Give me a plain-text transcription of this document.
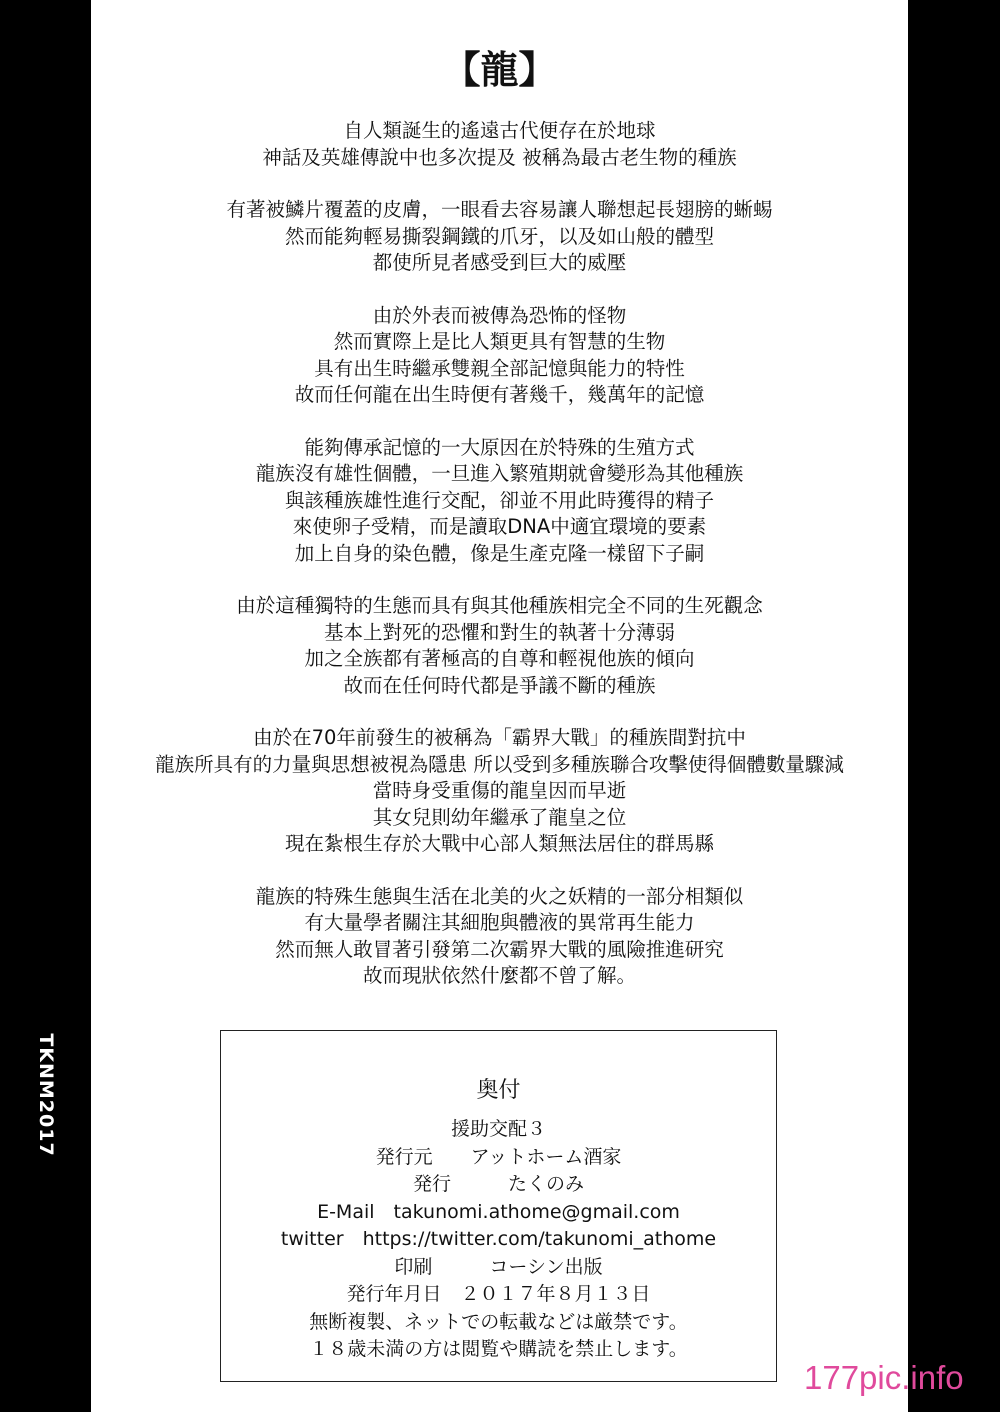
TKNM2017
【龍】
自人類誕生的遙遠古代便存在於地球
神話及英雄傳說中也多次提及 被稱為最古老生物的種族
有著被鱗片覆蓋的皮膚，一眼看去容易讓人聯想起長翅膀的蜥蜴
然而能夠輕易撕裂鋼鐵的爪牙，以及如山般的體型
都使所見者感受到巨大的威壓
由於外表而被傳為恐怖的怪物
然而實際上是比人類更具有智慧的生物
具有出生時繼承雙親全部記憶與能力的特性
故而任何龍在出生時便有著幾千，幾萬年的記憶
能夠傳承記憶的一大原因在於特殊的生殖方式
龍族沒有雄性個體，一旦進入繁殖期就會變形為其他種族
與該種族雄性進行交配，卻並不用此時獲得的精子
來使卵子受精，而是讀取DNA中適宜環境的要素
加上自身的染色體，像是生產克隆一樣留下子嗣
由於這種獨特的生態而具有與其他種族相完全不同的生死觀念
基本上對死的恐懼和對生的執著十分薄弱
加之全族都有著極高的自尊和輕視他族的傾向
故而在任何時代都是爭議不斷的種族
由於在70年前發生的被稱為「霸界大戰」的種族間對抗中
龍族所具有的力量與思想被視為隱患 所以受到多種族聯合攻擊使得個體數量驟減
當時身受重傷的龍皇因而早逝
其女兒則幼年繼承了龍皇之位
現在紮根生存於大戰中心部人類無法居住的群馬縣
龍族的特殊生態與生活在北美的火之妖精的一部分相類似
有大量學者關注其細胞與體液的異常再生能力
然而無人敢冒著引發第二次霸界大戰的風險推進研究
故而現狀依然什麼都不曾了解。
奥付
援助交配３
発行元　　アットホーム酒家
発行　　　たくのみ
E-Mail　takunomi.athome@gmail.com
twitter　https://twitter.com/takunomi_athome
印刷　　　コーシン出版
発行年月日　２０１７年８月１３日
無断複製、ネットでの転載などは厳禁です。
１８歳未満の方は閲覧や購読を禁止します。
177pic.info
